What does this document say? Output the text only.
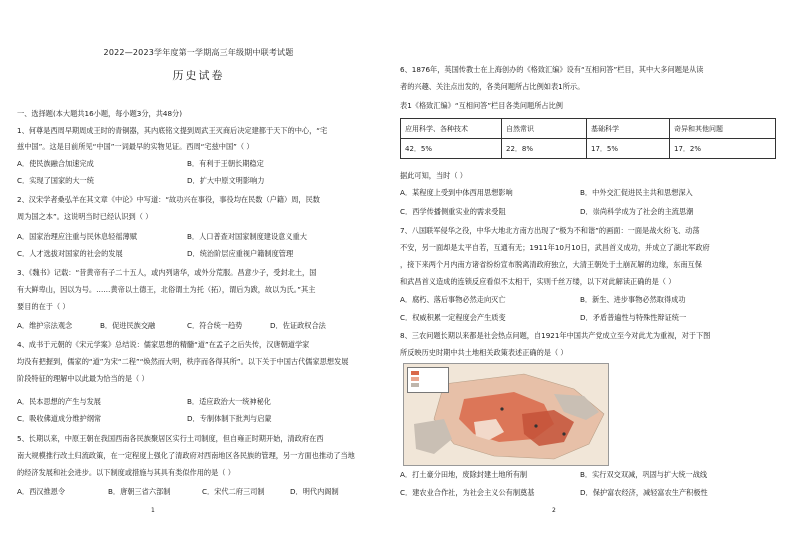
2022—2023学年度第一学期高三年级期中联考试题
历史试卷
一、选择题(本大题共16小题，每小题3分，共48分)
1、何尊是西周早期周成王时的青铜器，其内底铭文提到周武王灭商后决定建都于天下的中心，“宅
兹中国”。这是目前所见“中国”一词最早的实物见证。西周“宅兹中国”（ ）
A．使民族融合加速完成	B．有利于王朝长期稳定
C．实现了国家的大一统	D．扩大中原文明影响力
2、汉宋学者桑弘羊在其文章《中论》中写道：“故功兴在事役，事役均在民数（户籍）周，民数
周为国之本”。这说明当时已经认识到（ ）
A．国家治理应注重与民休息轻徭薄赋	B．人口普查对国家制度建设意义重大
C．人才选拔对国家的社会的发展	D．统治阶层应重视户籍制度管理
3、《魏书》记载：“昔黄帝有子二十五人，或内列诸华，或外分荒服。昌意少子，受封北土，国
有大鲜卑山，因以为号。……黄帝以土德王，北俗谓土为托（拓），谓后为跋，故以为氏。”其主
要目的在于（ ）
A．维护宗法观念	B．促进民族交融	C．符合统一趋势	D．佐证政权合法
4、成书于元朝的《宋元学案》总结说：儒家思想的精髓“道”在孟子之后失传，汉唐朝道学家
均没有把握到，儒家的“道”为宋“二程”“焕然而大明，秩序而各得其所”。以下关于中国古代儒家思想发展
阶段特征的理解中以此最为恰当的是（ ）
A．民本思想的产生与发展	B．适应政治大一统神秘化
C．吸收佛道成分维护纲常	D．专制体制下批判与启蒙
5、长期以来，中原王朝在我国西南各民族聚居区实行土司制度，但自雍正时期开始，清政府在西
南大规模推行改土归流政策，在一定程度上强化了清政府对西南地区各民族的管理，另一方面也推动了当地
的经济发展和社会进步。以下制度或措施与其具有类似作用的是（ ）
A．西汉推恩令	B．唐朝三省六部制	C．宋代二府三司制	D．明代内阁制
1
6、1876年，英国传教士在上海创办的《格致汇编》设有“互相问答”栏目，其中大多问题是从读
者的兴趣、关注点出发的，各类问题所占比例如表1所示。
表1《格致汇编》“互相问答”栏目各类问题所占比例
应用科学、各种技术	自然常识	基础科学	奇异和其他问题
42．5%	22．8%	17．5%	17．2%
据此可知，当时（ ）
A．某程度上受到中体西用思想影响	B．中外交汇促进民主共和思想深入
C．西学传播侧重实业的需求受阻	D．崇尚科学成为了社会的主流思潮
7、八国联军侵华之役，中华大地北方南方出现了“极为不和谐”的画面：一面是战火纷飞、动荡
不安，另一面却是太平自若，互通有无；1911年10月10日，武昌首义成功，并成立了湖北军政府
，接下来两个月内南方诸省纷纷宣布脱离清政府独立，大清王朝处于土崩瓦解的边缘，东南互保
和武昌首义造成的连锁反应看似不太相干，实则千丝万缕，以下对此解读正确的是（ ）
A．腐朽、落后事物必然走向灭亡	B．新生、进步事物必然取得成功
C．权威积累一定程度会产生质变	D．矛盾普遍性与特殊性辩证统一
8、三农问题长期以来都是社会热点问题，自1921年中国共产党成立至今对此尤为重视，对于下图
所反映历史时期中共土地相关政策表述正确的是（ ）
A．打土豪分田地，废除封建土地所有制	B．实行双交双减，巩固与扩大统一战线
C．建农业合作社，为社会主义公有制奠基	D．保护富农经济，减轻富农生产积极性
2
